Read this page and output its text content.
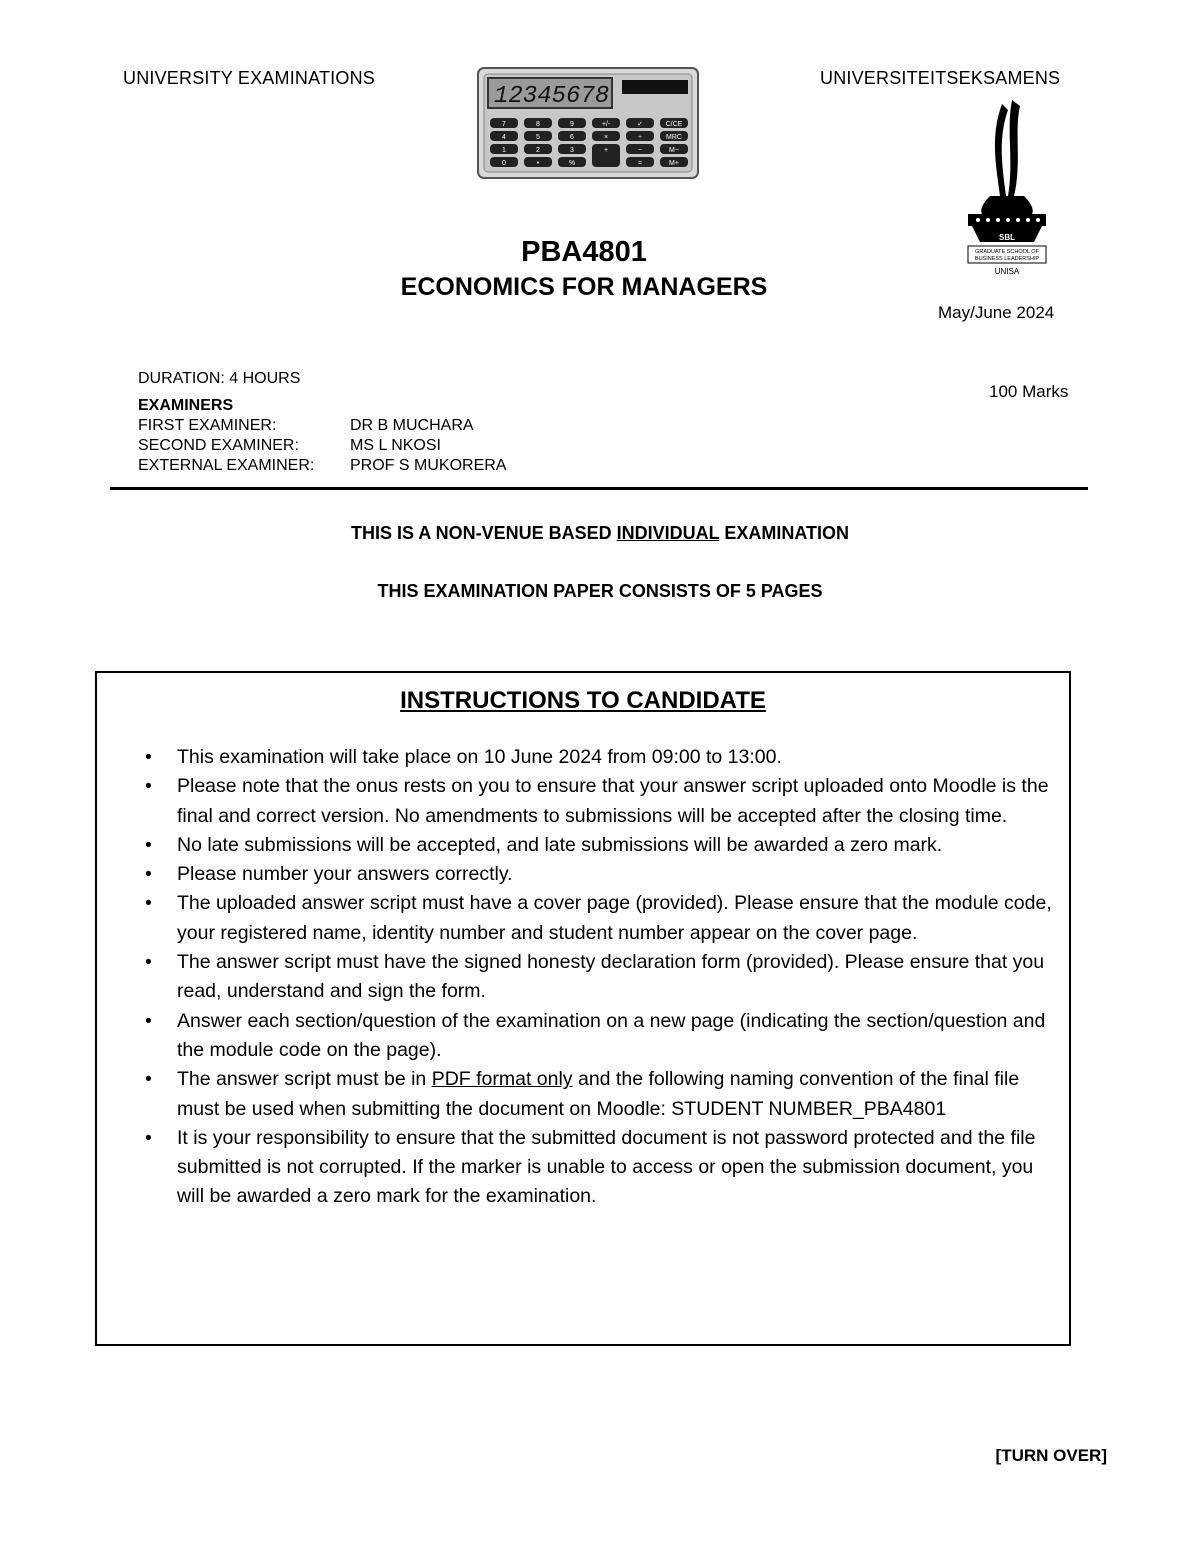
UNIVERSITY EXAMINATIONS	UNIVERSITEITSEKSAMENS
12345678
7	8	9	+/-	✓	C/CE
4	5	6	×	÷	MRC
1	2	3	+	−	M−
0	•	%	=	M+
SBL
GRADUATE SCHOOL OF
BUSINESS LEADERSHIP
UNISA
PBA4801
ECONOMICS FOR MANAGERS
May/June 2024
DURATION: 4 HOURS
EXAMINERS
FIRST EXAMINER:	DR B MUCHARA
SECOND EXAMINER:	MS L NKOSI
EXTERNAL EXAMINER: PROF S MUKORERA
100 Marks
THIS IS A NON-VENUE BASED INDIVIDUAL EXAMINATION
THIS EXAMINATION PAPER CONSISTS OF 5 PAGES
INSTRUCTIONS TO CANDIDATE
• This examination will take place on 10 June 2024 from 09:00 to 13:00.
• Please note that the onus rests on you to ensure that your answer script uploaded onto Moodle is the final and correct version. No amendments to submissions will be accepted after the closing time.
• No late submissions will be accepted, and late submissions will be awarded a zero mark.
• Please number your answers correctly.
• The uploaded answer script must have a cover page (provided). Please ensure that the module code, your registered name, identity number and student number appear on the cover page.
• The answer script must have the signed honesty declaration form (provided). Please ensure that you read, understand and sign the form.
• Answer each section/question of the examination on a new page (indicating the section/question and the module code on the page).
• The answer script must be in PDF format only and the following naming convention of the final file must be used when submitting the document on Moodle: STUDENT NUMBER_PBA4801
• It is your responsibility to ensure that the submitted document is not password protected and the file submitted is not corrupted. If the marker is unable to access or open the submission document, you will be awarded a zero mark for the examination.
[TURN OVER]
